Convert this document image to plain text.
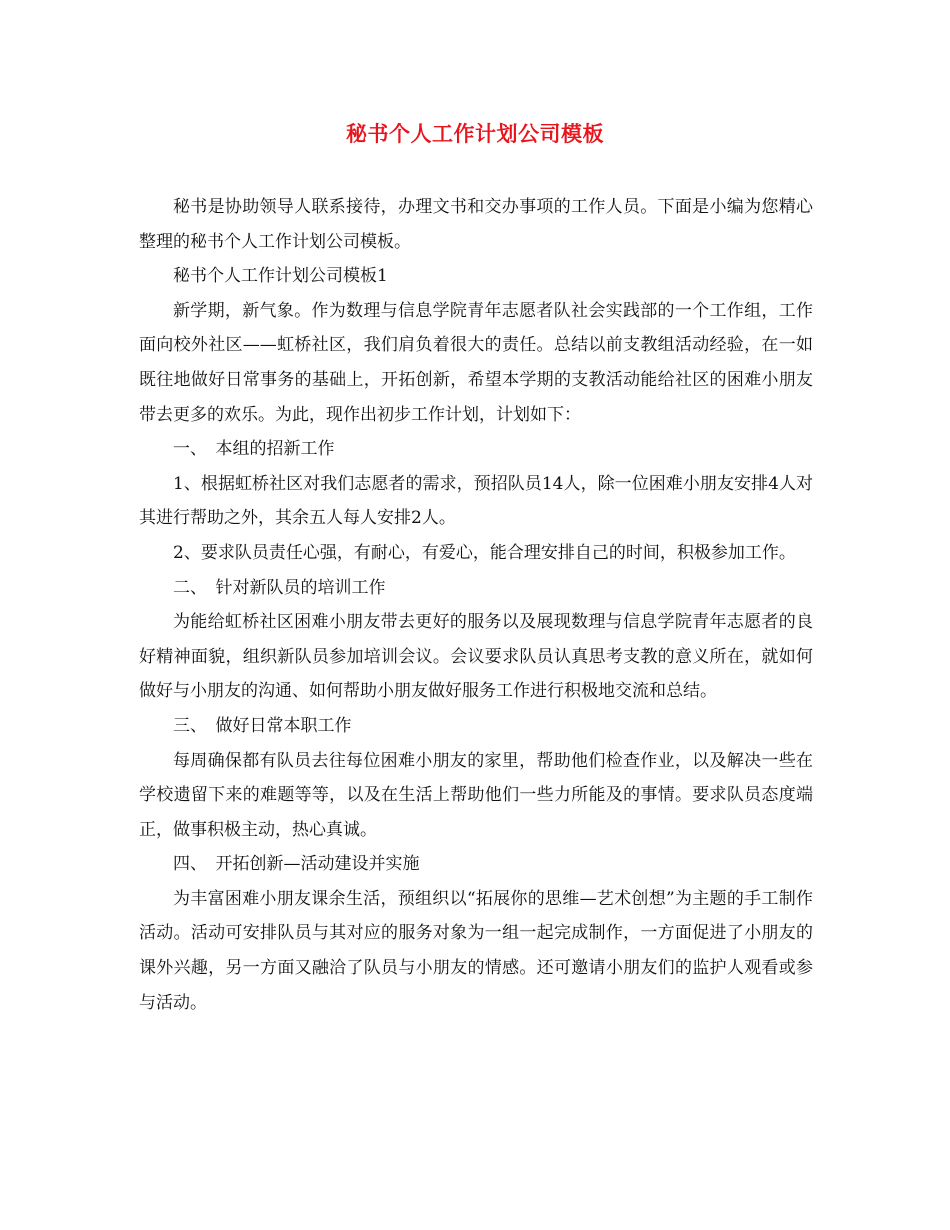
秘书个人工作计划公司模板

秘书是协助领导人联系接待，办理文书和交办事项的工作人员。下面是小编为您精心整理的秘书个人工作计划公司模板。

秘书个人工作计划公司模板1

新学期，新气象。作为数理与信息学院青年志愿者队社会实践部的一个工作组，工作面向校外社区——虹桥社区，我们肩负着很大的责任。总结以前支教组活动经验，在一如既往地做好日常事务的基础上，开拓创新，希望本学期的支教活动能给社区的困难小朋友带去更多的欢乐。为此，现作出初步工作计划，计划如下：

一、　本组的招新工作

1、根据虹桥社区对我们志愿者的需求，预招队员14人，除一位困难小朋友安排4人对其进行帮助之外，其余五人每人安排2人。

2、要求队员责任心强，有耐心，有爱心，能合理安排自己的时间，积极参加工作。

二、　针对新队员的培训工作

为能给虹桥社区困难小朋友带去更好的服务以及展现数理与信息学院青年志愿者的良好精神面貌，组织新队员参加培训会议。会议要求队员认真思考支教的意义所在，就如何做好与小朋友的沟通、如何帮助小朋友做好服务工作进行积极地交流和总结。

三、　做好日常本职工作

每周确保都有队员去往每位困难小朋友的家里，帮助他们检查作业，以及解决一些在学校遗留下来的难题等等，以及在生活上帮助他们一些力所能及的事情。要求队员态度端正，做事积极主动，热心真诚。

四、　开拓创新—活动建设并实施

为丰富困难小朋友课余生活，预组织以“拓展你的思维—艺术创想”为主题的手工制作活动。活动可安排队员与其对应的服务对象为一组一起完成制作，一方面促进了小朋友的课外兴趣，另一方面又融洽了队员与小朋友的情感。还可邀请小朋友们的监护人观看或参与活动。
